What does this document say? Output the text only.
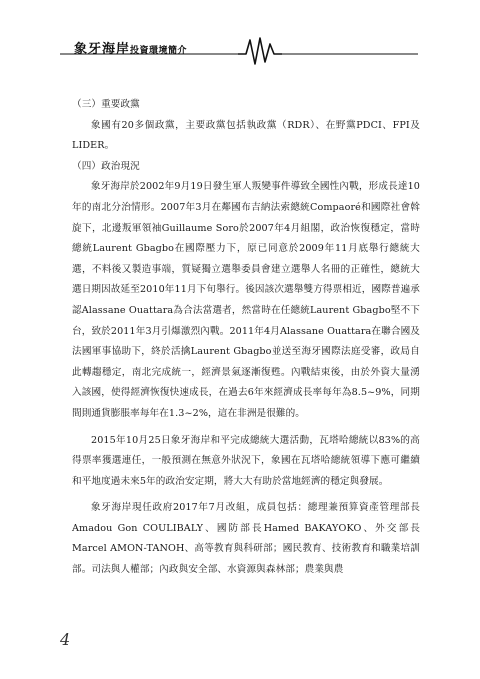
象牙海岸投資環境簡介

（三）重要政黨

象國有20多個政黨，主要政黨包括執政黨（RDR）、在野黨PDCI、FPI及LIDER。

（四）政治現況

象牙海岸於2002年9月19日發生軍人叛變事件導致全國性內戰，形成長達10年的南北分治情形。2007年3月在鄰國布吉納法索總統Compaoré和國際社會斡旋下，北邊叛軍領袖Guillaume Soro於2007年4月組閣，政治恢復穩定，當時總統Laurent Gbagbo在國際壓力下，原已同意於2009年11月底舉行總統大選，不料後又製造事端，質疑獨立選舉委員會建立選舉人名冊的正確性，總統大選日期因故延至2010年11月下旬舉行。後因該次選舉雙方得票相近，國際普遍承認Alassane Ouattara為合法當選者，然當時在任總統Laurent Gbagbo堅不下台，致於2011年3月引爆激烈內戰。2011年4月Alassane Ouattara在聯合國及法國軍事協助下，終於活擒Laurent Gbagbo並送至海牙國際法庭受審，政局自此轉趨穩定，南北完成統一，經濟景氣逐漸復甦。內戰結束後，由於外資大量湧入該國，使得經濟恢復快速成長，在過去6年來經濟成長率每年為8.5~9%，同期間則通貨膨脹率每年在1.3~2%，這在非洲是很難的。

2015年10月25日象牙海岸和平完成總統大選活動，瓦塔哈總統以83%的高得票率獲選連任，一般預測在無意外狀況下，象國在瓦塔哈總統領導下應可繼續和平地度過未來5年的政治安定期，將大大有助於當地經濟的穩定與發展。

象牙海岸現任政府2017年7月改組，成員包括：總理兼預算資產管理部長Amadou Gon COULIBALY、國防部長Hamed BAKAYOKO、外交部長Marcel AMON-TANOH、高等教育與科研部；國民教育、技術教育和職業培訓部。司法與人權部；內政與安全部、水資源與森林部；農業與農

4
